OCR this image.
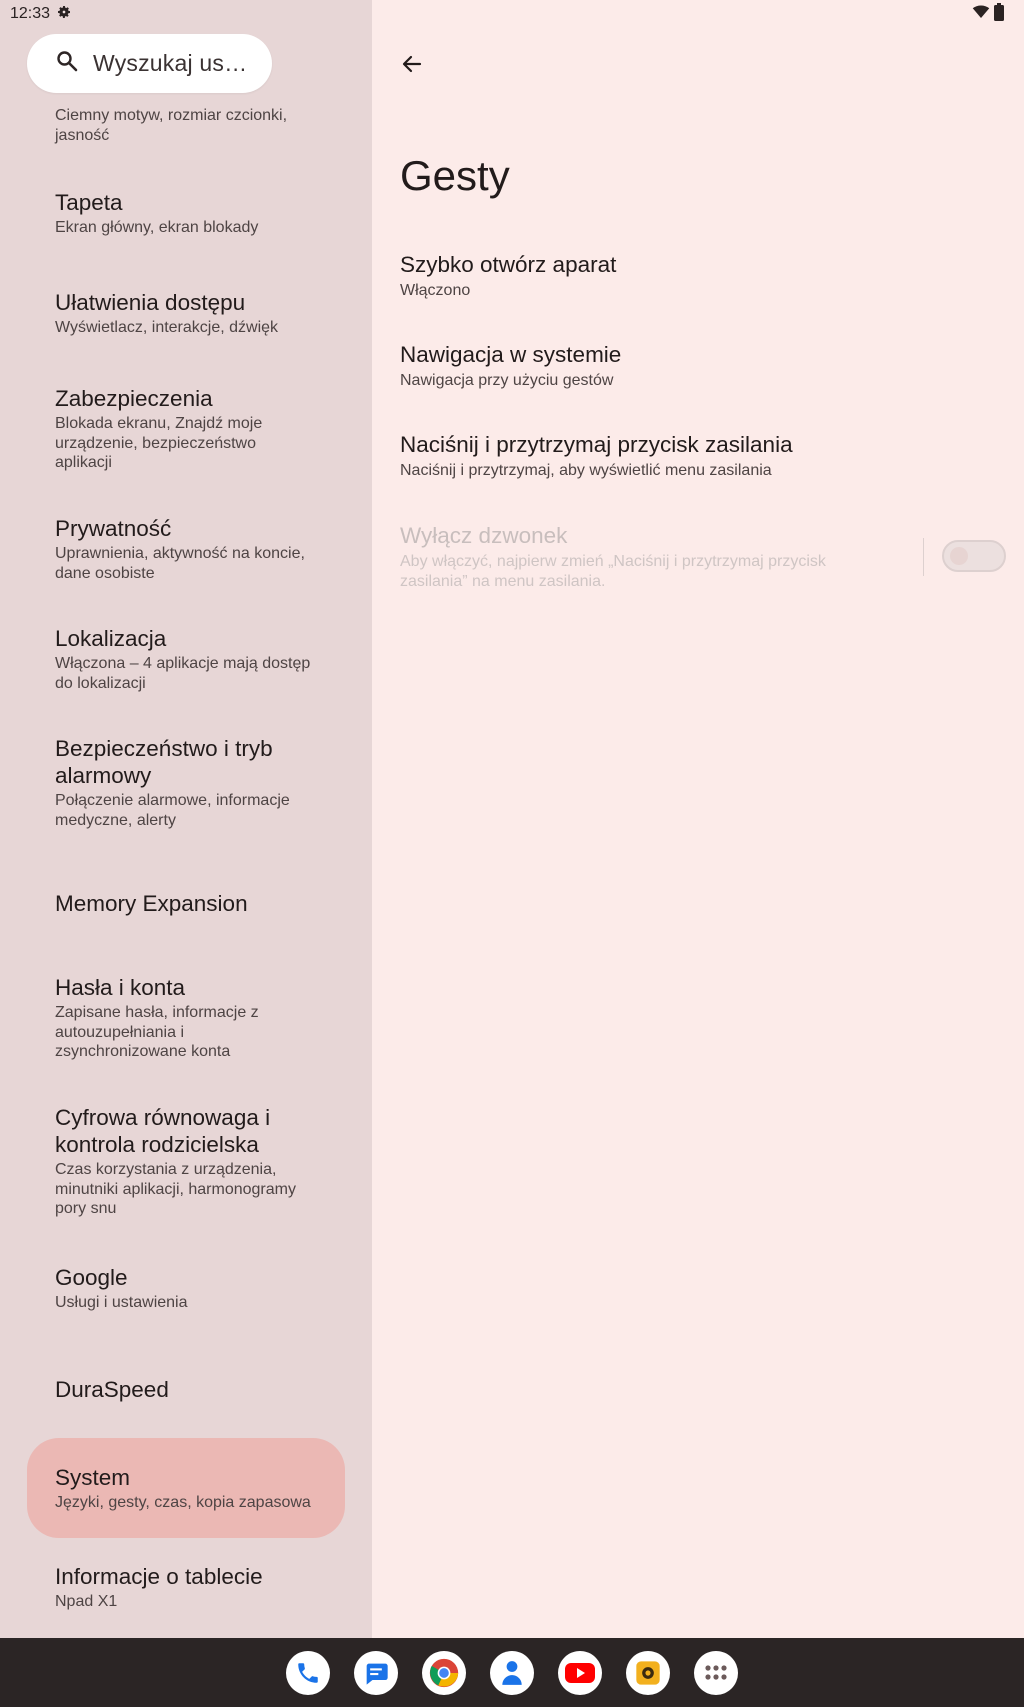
12:33
Ciemny motyw, rozmiar czcionki, jasność
Tapeta
Ekran główny, ekran blokady
Ułatwienia dostępu
Wyświetlacz, interakcje, dźwięk
Zabezpieczenia
Blokada ekranu, Znajdź moje urządzenie, bezpieczeństwo aplikacji
Prywatność
Uprawnienia, aktywność na koncie, dane osobiste
Lokalizacja
Włączona – 4 aplikacje mają dostęp do lokalizacji
Bezpieczeństwo i tryb alarmowy
Połączenie alarmowe, informacje medyczne, alerty
Memory Expansion
Hasła i konta
Zapisane hasła, informacje z autouzupełniania i zsynchronizowane konta
Cyfrowa równowaga i kontrola rodzicielska
Czas korzystania z urządzenia, minutniki aplikacji, harmonogramy pory snu
Google
Usługi i ustawienia
DuraSpeed
System
Języki, gesty, czas, kopia zapasowa
Informacje o tablecie
Npad X1
Wyszukaj us…
Gesty
Szybko otwórz aparat
Włączono
Nawigacja w systemie
Nawigacja przy użyciu gestów
Naciśnij i przytrzymaj przycisk zasilania
Naciśnij i przytrzymaj, aby wyświetlić menu zasilania
Wyłącz dzwonek
Aby włączyć, najpierw zmień „Naciśnij i przytrzymaj przycisk zasilania” na menu zasilania.
